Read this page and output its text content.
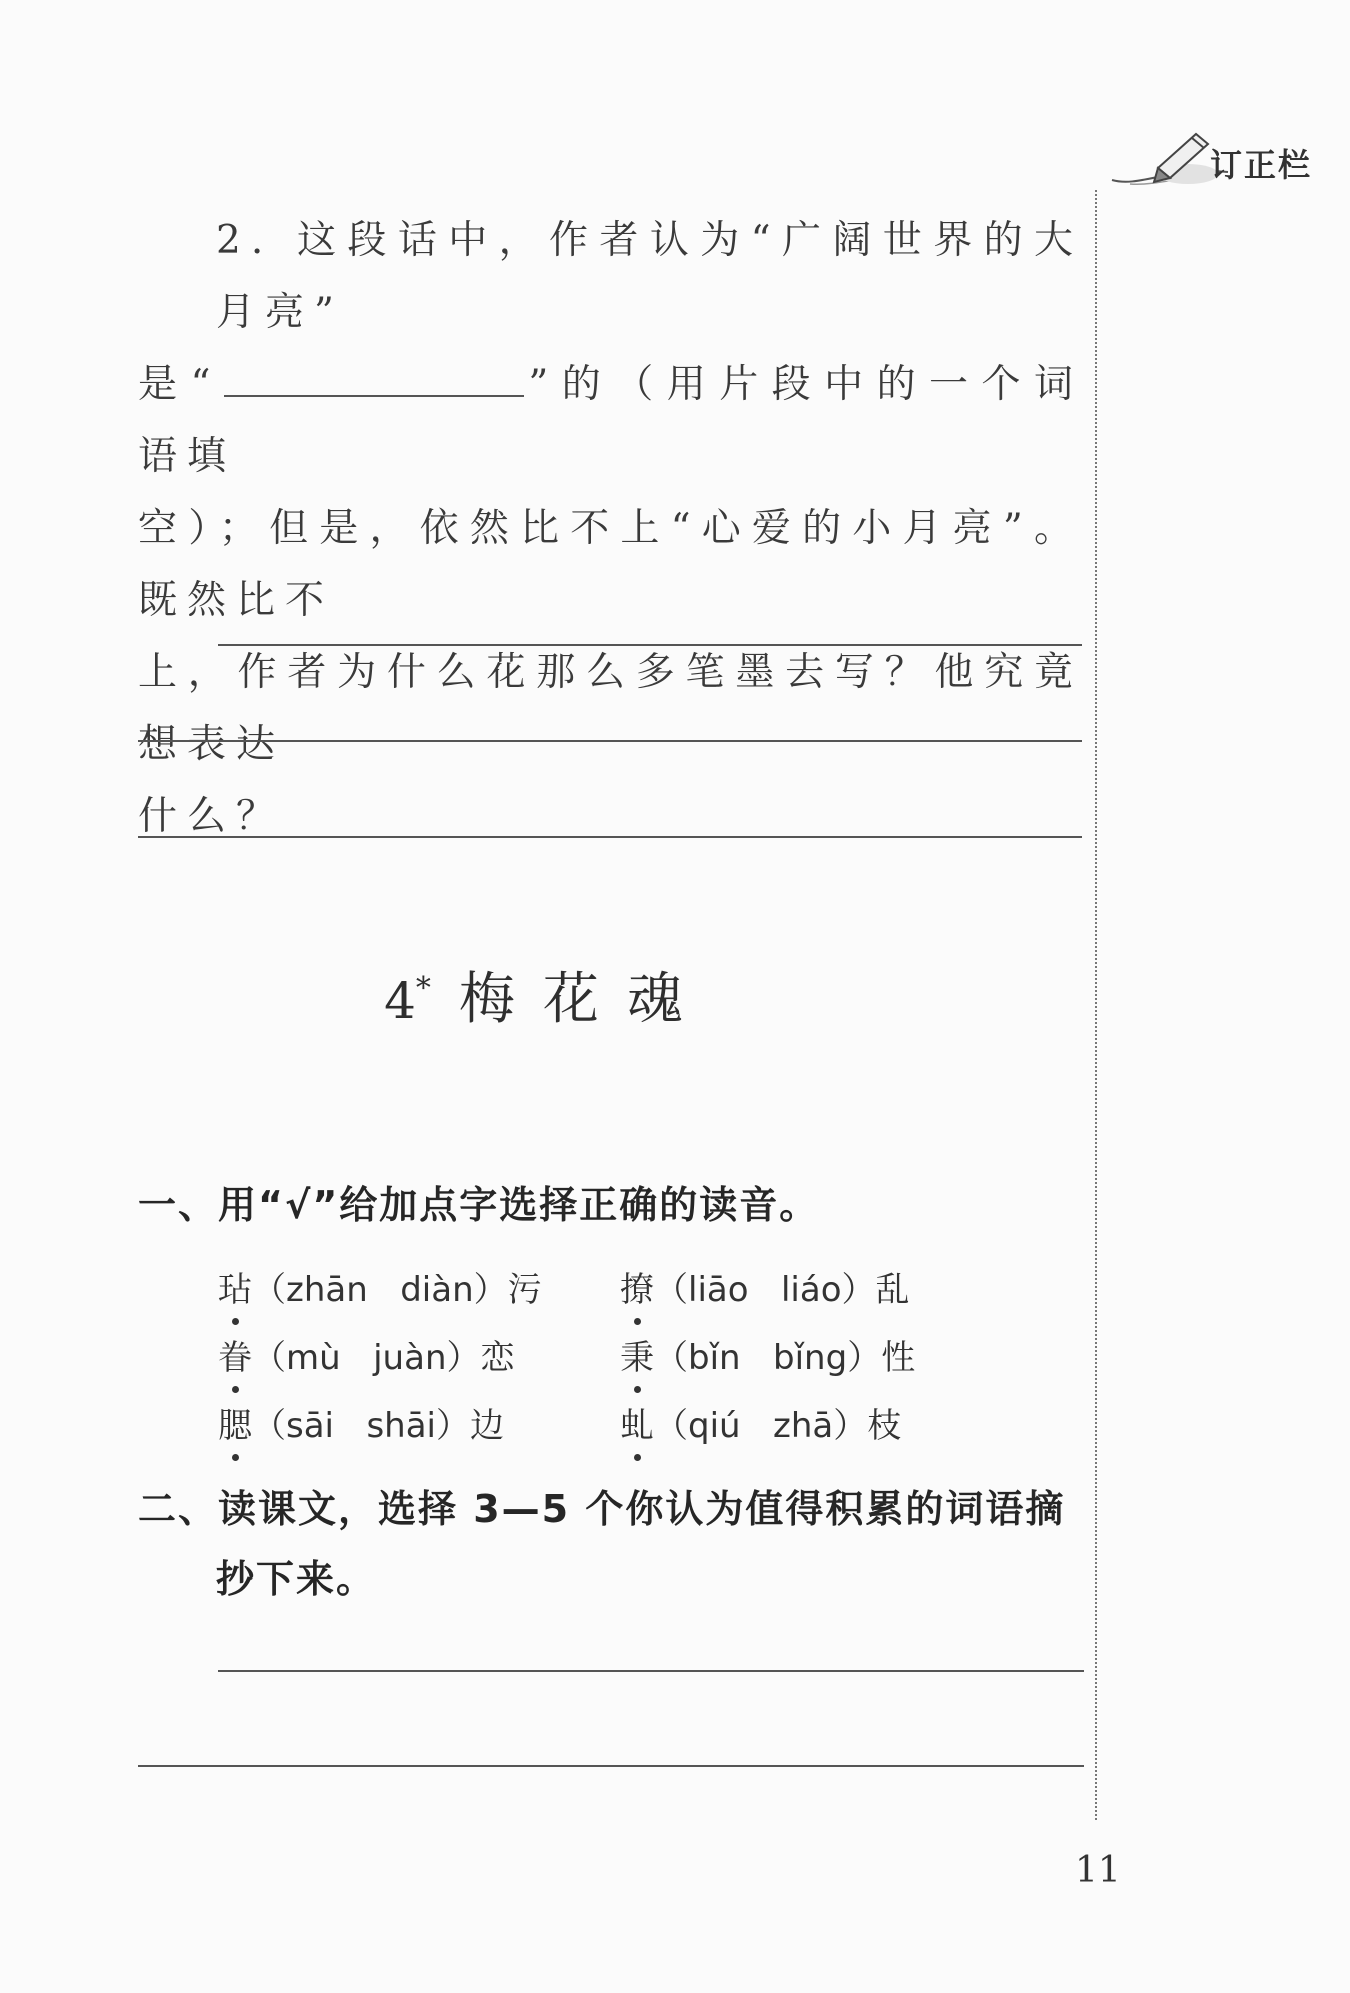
订正栏
2. 这段话中，作者认为“广阔世界的大月亮”
是“	”的（用片段中的一个词语填
空）；但是，依然比不上“心爱的小月亮”。既然比不
上，作者为什么花那么多笔墨去写？他究竟想表达
什么？
4* 梅花魂
一、用“√”给加点字选择正确的读音。
玷（zhān diàn）污 撩（liāo liáo）乱
眷（mù juàn）恋	秉（bǐn bǐng）性
腮（sāi shāi）边	虬（qiú zhā）枝
二、读课文，选择 3—5 个你认为值得积累的词语摘
抄下来。
11
